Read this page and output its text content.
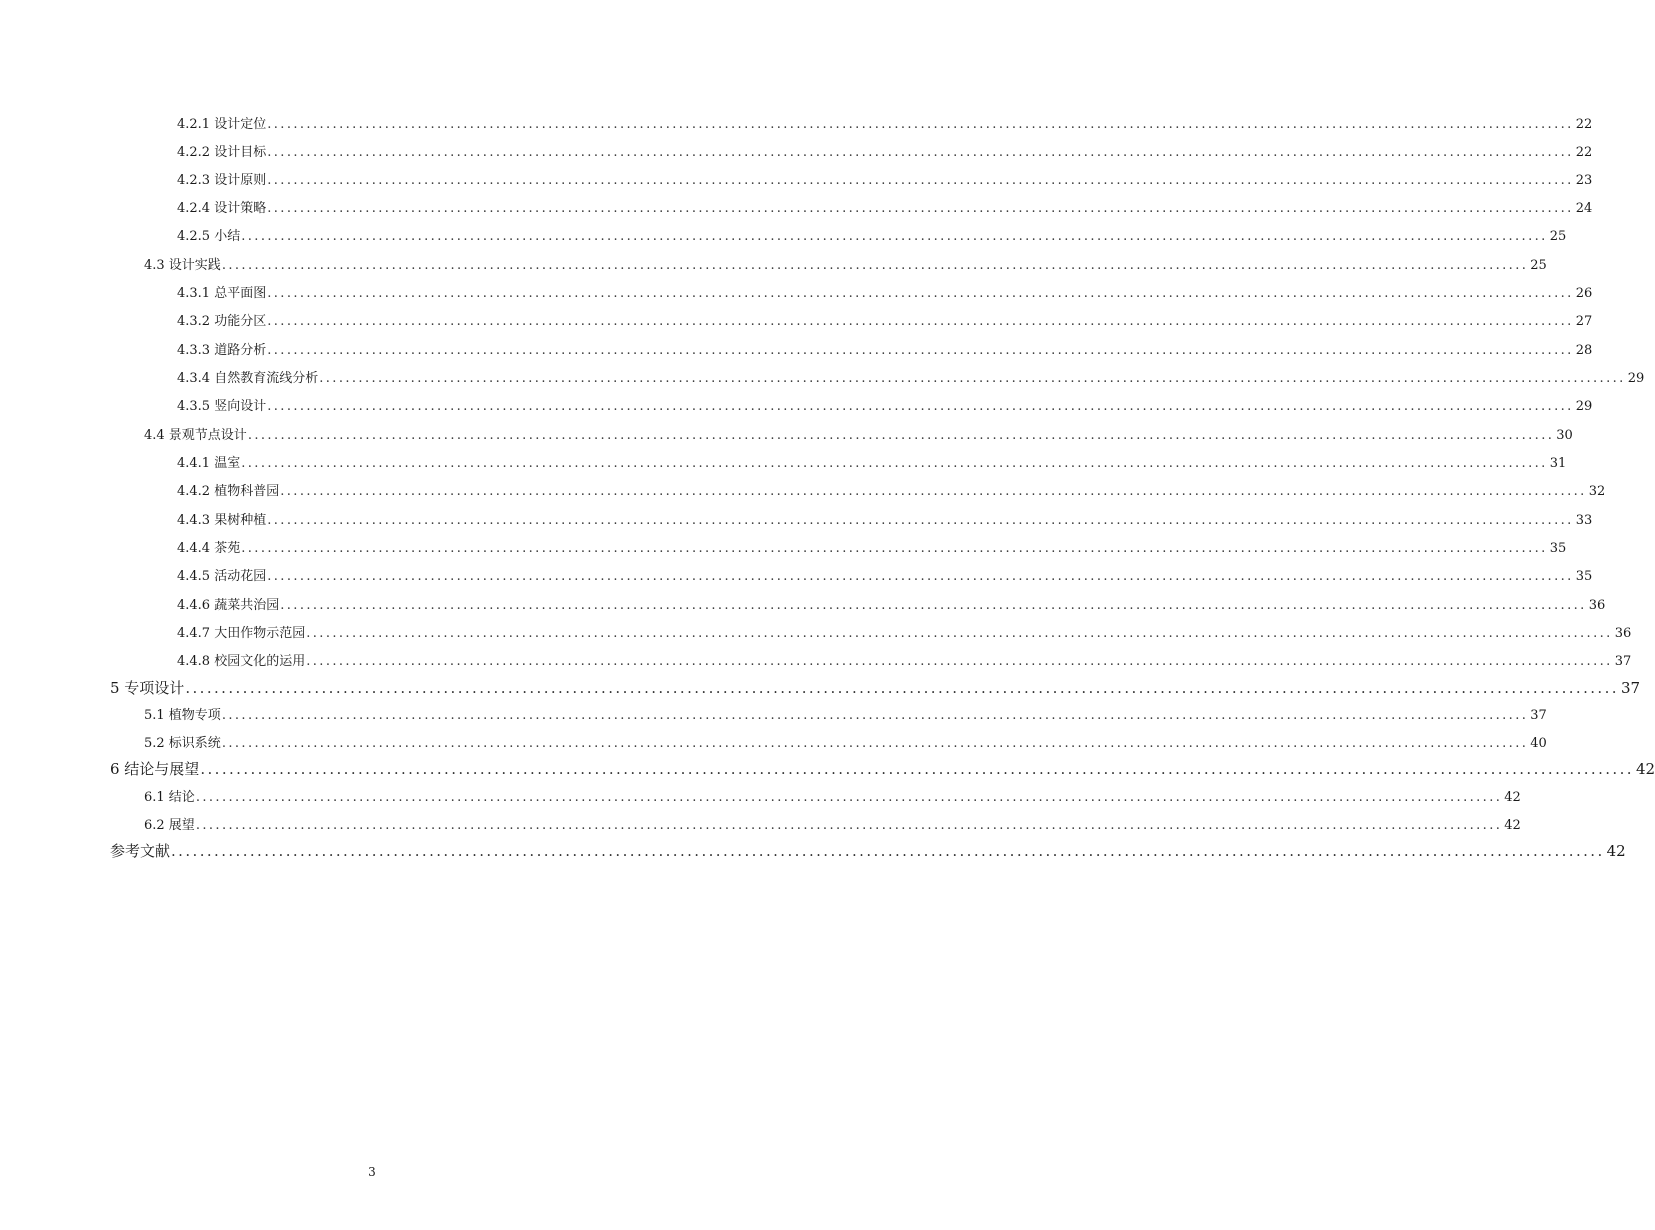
4.2.1 设计定位 ........................................................................................................................................................................................................ 22
4.2.2 设计目标 ........................................................................................................................................................................................................ 22
4.2.3 设计原则 ........................................................................................................................................................................................................ 23
4.2.4 设计策略 ........................................................................................................................................................................................................ 24
4.2.5 小结 ........................................................................................................................................................................................................ 25
4.3 设计实践 ........................................................................................................................................................................................................ 25
4.3.1 总平面图 ........................................................................................................................................................................................................ 26
4.3.2 功能分区 ........................................................................................................................................................................................................ 27
4.3.3 道路分析 ........................................................................................................................................................................................................ 28
4.3.4 自然教育流线分析 ........................................................................................................................................................................................................ 29
4.3.5 竖向设计 ........................................................................................................................................................................................................ 29
4.4 景观节点设计 ........................................................................................................................................................................................................ 30
4.4.1 温室 ........................................................................................................................................................................................................ 31
4.4.2 植物科普园 ........................................................................................................................................................................................................ 32
4.4.3 果树种植 ........................................................................................................................................................................................................ 33
4.4.4 茶苑 ........................................................................................................................................................................................................ 35
4.4.5 活动花园 ........................................................................................................................................................................................................ 35
4.4.6 蔬菜共治园 ........................................................................................................................................................................................................ 36
4.4.7 大田作物示范园 ........................................................................................................................................................................................................ 36
4.4.8 校园文化的运用 ........................................................................................................................................................................................................ 37
5 专项设计 ........................................................................................................................................................................................................ 37
5.1 植物专项 ........................................................................................................................................................................................................ 37
5.2 标识系统 ........................................................................................................................................................................................................ 40
6 结论与展望 ........................................................................................................................................................................................................ 42
6.1 结论 ........................................................................................................................................................................................................ 42
6.2 展望 ........................................................................................................................................................................................................ 42
参考文献 ........................................................................................................................................................................................................ 42
3
